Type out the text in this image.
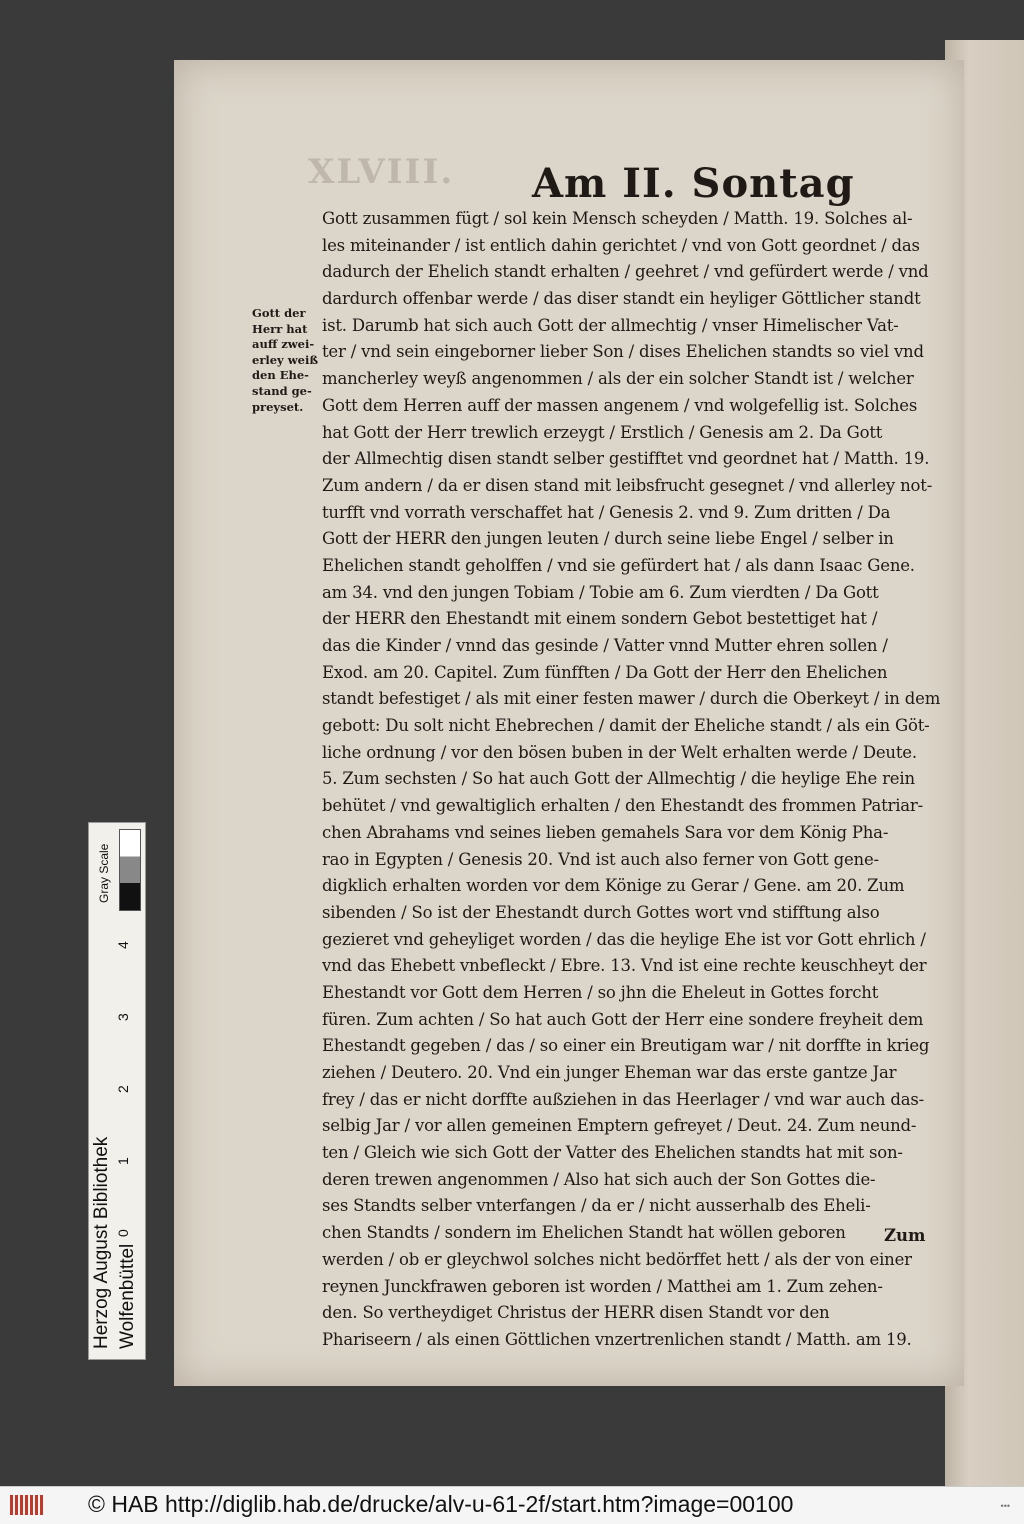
XLVIII. Am II. Sontag
Gott der
Herr hat
auff zwei-
erley weiß
den Ehe-
stand ge-
preyset.
Gott zusammen fügt / sol kein Mensch scheyden / Matth. 19. Solches al-
les miteinander / ist entlich dahin gerichtet / vnd von Gott geordnet / das
dadurch der Ehelich standt erhalten / geehret / vnd gefürdert werde / vnd
dardurch offenbar werde / das diser standt ein heyliger Göttlicher standt
ist. Darumb hat sich auch Gott der allmechtig / vnser Himelischer Vat-
ter / vnd sein eingeborner lieber Son / dises Ehelichen standts so viel vnd
mancherley weyß angenommen / als der ein solcher Standt ist / welcher
Gott dem Herren auff der massen angenem / vnd wolgefellig ist. Solches
hat Gott der Herr trewlich erzeygt / Erstlich / Genesis am 2. Da Gott
der Allmechtig disen standt selber gestifftet vnd geordnet hat / Matth. 19.
Zum andern / da er disen stand mit leibsfrucht gesegnet / vnd allerley not-
turfft vnd vorrath verschaffet hat / Genesis 2. vnd 9. Zum dritten / Da
Gott der HERR den jungen leuten / durch seine liebe Engel / selber in
Ehelichen standt geholffen / vnd sie gefürdert hat / als dann Isaac Gene.
am 34. vnd den jungen Tobiam / Tobie am 6. Zum vierdten / Da Gott
der HERR den Ehestandt mit einem sondern Gebot bestettiget hat /
das die Kinder / vnnd das gesinde / Vatter vnnd Mutter ehren sollen /
Exod. am 20. Capitel. Zum fünfften / Da Gott der Herr den Ehelichen
standt befestiget / als mit einer festen mawer / durch die Oberkeyt / in dem
gebott: Du solt nicht Ehebrechen / damit der Eheliche standt / als ein Göt-
liche ordnung / vor den bösen buben in der Welt erhalten werde / Deute.
5. Zum sechsten / So hat auch Gott der Allmechtig / die heylige Ehe rein
behütet / vnd gewaltiglich erhalten / den Ehestandt des frommen Patriar-
chen Abrahams vnd seines lieben gemahels Sara vor dem König Pha-
rao in Egypten / Genesis 20. Vnd ist auch also ferner von Gott gene-
digklich erhalten worden vor dem Könige zu Gerar / Gene. am 20. Zum
sibenden / So ist der Ehestandt durch Gottes wort vnd stifftung also
gezieret vnd geheyliget worden / das die heylige Ehe ist vor Gott ehrlich /
vnd das Ehebett vnbefleckt / Ebre. 13. Vnd ist eine rechte keuschheyt der
Ehestandt vor Gott dem Herren / so jhn die Eheleut in Gottes forcht
füren. Zum achten / So hat auch Gott der Herr eine sondere freyheit dem
Ehestandt gegeben / das / so einer ein Breutigam war / nit dorffte in krieg
ziehen / Deutero. 20. Vnd ein junger Eheman war das erste gantze Jar
frey / das er nicht dorffte außziehen in das Heerlager / vnd war auch das-
selbig Jar / vor allen gemeinen Emptern gefreyet / Deut. 24. Zum neund-
ten / Gleich wie sich Gott der Vatter des Ehelichen standts hat mit son-
deren trewen angenommen / Also hat sich auch der Son Gottes die-
ses Standts selber vnterfangen / da er / nicht ausserhalb des Eheli-
chen Standts / sondern im Ehelichen Standt hat wöllen geboren
werden / ob er gleychwol solches nicht bedörffet hett / als der von einer
reynen Junckfrawen geboren ist worden / Matthei am 1. Zum zehen-
den. So vertheydiget Christus der HERR disen Standt vor den
Phariseern / als einen Göttlichen vnzertrenlichen standt / Matth. am 19.
Zum
Herzog August Bibliothek Wolfenbüttel
Gray Scale
0
1
2
3
4
© HAB http://diglib.hab.de/drucke/alv-u-61-2f/start.htm?image=00100	•••
